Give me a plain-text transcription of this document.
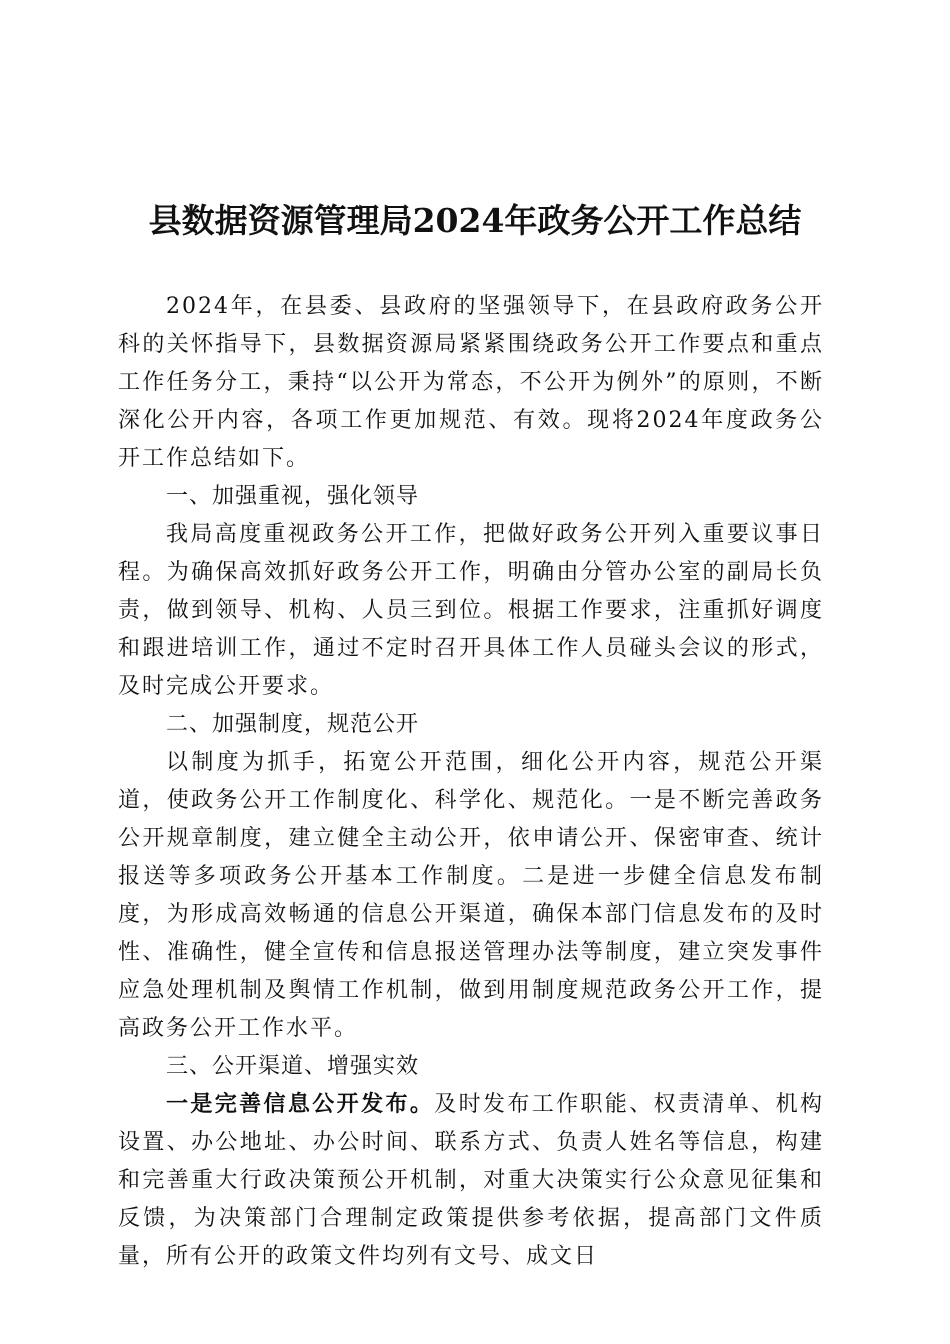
县数据资源管理局2024年政务公开工作总结

2024年，在县委、县政府的坚强领导下，在县政府政务公开科的关怀指导下，县数据资源局紧紧围绕政务公开工作要点和重点工作任务分工，秉持“以公开为常态，不公开为例外”的原则，不断深化公开内容，各项工作更加规范、有效。现将2024年度政务公开工作总结如下。

一、加强重视，强化领导

我局高度重视政务公开工作，把做好政务公开列入重要议事日程。为确保高效抓好政务公开工作，明确由分管办公室的副局长负责，做到领导、机构、人员三到位。根据工作要求，注重抓好调度和跟进培训工作，通过不定时召开具体工作人员碰头会议的形式，及时完成公开要求。

二、加强制度，规范公开

以制度为抓手，拓宽公开范围，细化公开内容，规范公开渠道，使政务公开工作制度化、科学化、规范化。一是不断完善政务公开规章制度，建立健全主动公开，依申请公开、保密审查、统计报送等多项政务公开基本工作制度。二是进一步健全信息发布制度，为形成高效畅通的信息公开渠道，确保本部门信息发布的及时性、准确性，健全宣传和信息报送管理办法等制度，建立突发事件应急处理机制及舆情工作机制，做到用制度规范政务公开工作，提高政务公开工作水平。

三、公开渠道、增强实效

一是完善信息公开发布。及时发布工作职能、权责清单、机构设置、办公地址、办公时间、联系方式、负责人姓名等信息，构建和完善重大行政决策预公开机制，对重大决策实行公众意见征集和反馈，为决策部门合理制定政策提供参考依据，提高部门文件质量，所有公开的政策文件均列有文号、成文日
